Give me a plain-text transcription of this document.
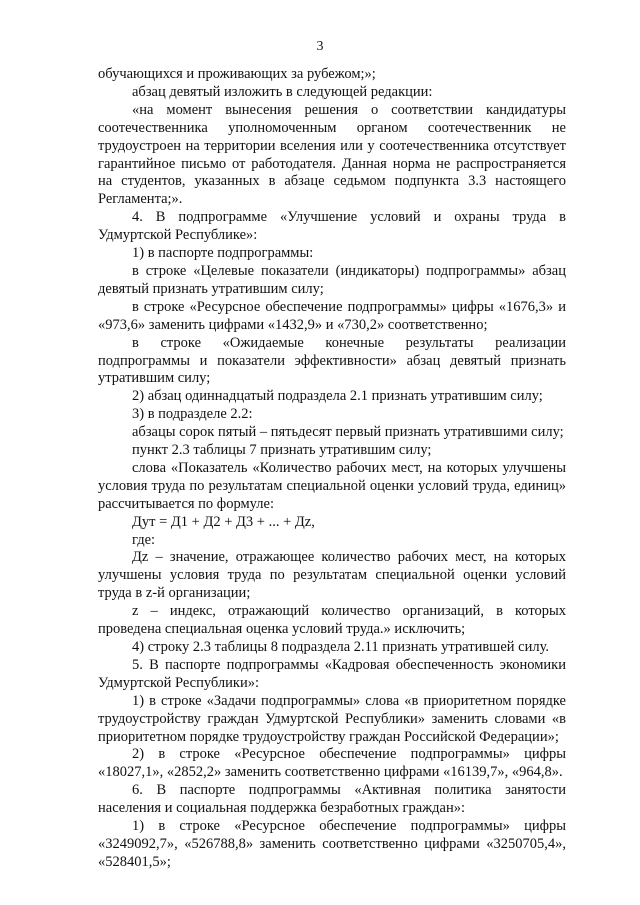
3

обучающихся и проживающих за рубежом;»;

абзац девятый изложить в следующей редакции:

«на момент вынесения решения о соответствии кандидатуры соотечественника уполномоченным органом соотечественник не трудоустроен на территории вселения или у соотечественника отсутствует гарантийное письмо от работодателя. Данная норма не распространяется на студентов, указанных в абзаце седьмом подпункта 3.3 настоящего Регламента;».

4. В подпрограмме «Улучшение условий и охраны труда в Удмуртской Республике»:

1) в паспорте подпрограммы:

в строке «Целевые показатели (индикаторы) подпрограммы» абзац девятый признать утратившим силу;

в строке «Ресурсное обеспечение подпрограммы» цифры «1676,3» и «973,6» заменить цифрами «1432,9» и «730,2» соответственно;

в строке «Ожидаемые конечные результаты реализации подпрограммы и показатели эффективности» абзац девятый признать утратившим силу;

2) абзац одиннадцатый подраздела 2.1 признать утратившим силу;

3) в подразделе 2.2:

абзацы сорок пятый – пятьдесят первый признать утратившими силу;

пункт 2.3 таблицы 7 признать утратившим силу;

слова «Показатель «Количество рабочих мест, на которых улучшены условия труда по результатам специальной оценки условий труда, единиц» рассчитывается по формуле:

Дут = Д1 + Д2 + Д3 + ... + Дz,

где:

Дz – значение, отражающее количество рабочих мест, на которых улучшены условия труда по результатам специальной оценки условий труда в z-й организации;

z – индекс, отражающий количество организаций, в которых проведена специальная оценка условий труда.» исключить;

4) строку 2.3 таблицы 8 подраздела 2.11 признать утратившей силу.

5. В паспорте подпрограммы «Кадровая обеспеченность экономики Удмуртской Республики»:

1) в строке «Задачи подпрограммы» слова «в приоритетном порядке трудоустройству граждан Удмуртской Республики» заменить словами «в приоритетном порядке трудоустройству граждан Российской Федерации»;

2) в строке «Ресурсное обеспечение подпрограммы» цифры «18027,1», «2852,2» заменить соответственно цифрами «16139,7», «964,8».

6. В паспорте подпрограммы «Активная политика занятости населения и социальная поддержка безработных граждан»:

1) в строке «Ресурсное обеспечение подпрограммы» цифры «3249092,7», «526788,8» заменить соответственно цифрами «3250705,4», «528401,5»;
